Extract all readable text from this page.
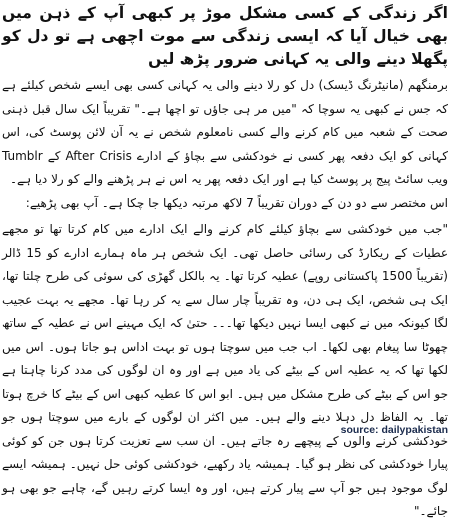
اگر زندگی کے کسی مشکل موڑ پر کبھی آپ کے ذہن میں بھی خیال آیا کہ ایسی زندگی سے موت اچھی ہے تو دل کو پگھلا دینے والی یہ کہانی ضرور پڑھ لیں

برمنگھم (مانیٹرنگ ڈیسک) دل کو رلا دینے والی یہ کہانی کسی بھی ایسے شخص کیلئے ہے کہ جس نے کبھی یہ سوچا کہ "میں مر ہی جاؤں تو اچھا ہے۔" تقریباً ایک سال قبل ذہنی صحت کے شعبہ میں کام کرنے والے کسی نامعلوم شخص نے یہ آن لائن پوسٹ کی، اس کہانی کو ایک دفعہ پھر کسی نے خودکشی سے بچاؤ کے ادارے After Crisis کے Tumblr ویب سائٹ پیج پر پوسٹ کیا ہے اور ایک دفعہ پھر یہ اس نے ہر پڑھنے والے کو رلا دیا ہے۔

اس مختصر سے دو دن کے دوران تقریباً 7 لاکھ مرتبہ دیکھا جا چکا ہے۔ آپ بھی پڑھیے:

"جب میں خودکشی سے بچاؤ کیلئے کام کرنے والے ایک ادارے میں کام کرتا تھا تو مجھے عطیات کے ریکارڈ کی رسائی حاصل تھی۔ ایک شخص ہر ماہ ہمارے ادارے کو 15 ڈالر (تقریباً 1500 پاکستانی روپے) عطیہ کرتا تھا۔ یہ بالکل گھڑی کی سوئی کی طرح چلتا تھا، ایک ہی شخص، ایک ہی دن، وہ تقریباً چار سال سے یہ کر رہا تھا۔ مجھے یہ بہت عجیب لگا کیونکہ میں نے کبھی ایسا نہیں دیکھا تھا۔۔۔ حتیٰ کہ ایک مہینے اس نے عطیہ کے ساتھ چھوٹا سا پیغام بھی لکھا۔ اب جب میں سوچتا ہوں تو بہت اداس ہو جاتا ہوں۔ اس میں لکھا تھا کہ یہ عطیہ اس کے بیٹے کی یاد میں ہے اور وہ ان لوگوں کی مدد کرنا چاہتا ہے جو اس کے بیٹے کی طرح مشکل میں ہیں۔ ابو اس کا عطیہ کبھی اس کے بیٹے کا خرچ ہوتا تھا۔ یہ الفاظ دل دہلا دینے والے ہیں۔ میں اکثر ان لوگوں کے بارے میں سوچتا ہوں جو خودکشی کرنے والوں کے پیچھے رہ جاتے ہیں۔ ان سب سے تعزیت کرتا ہوں جن کو کوئی پیارا خودکشی کی نظر ہو گیا۔ ہمیشہ یاد رکھیے، خودکشی کوئی حل نہیں۔ ہمیشہ ایسے لوگ موجود ہیں جو آپ سے پیار کرتے ہیں، اور وہ ایسا کرتے رہیں گے، چاہے جو بھی ہو جائے۔"

source: dailypakistan
